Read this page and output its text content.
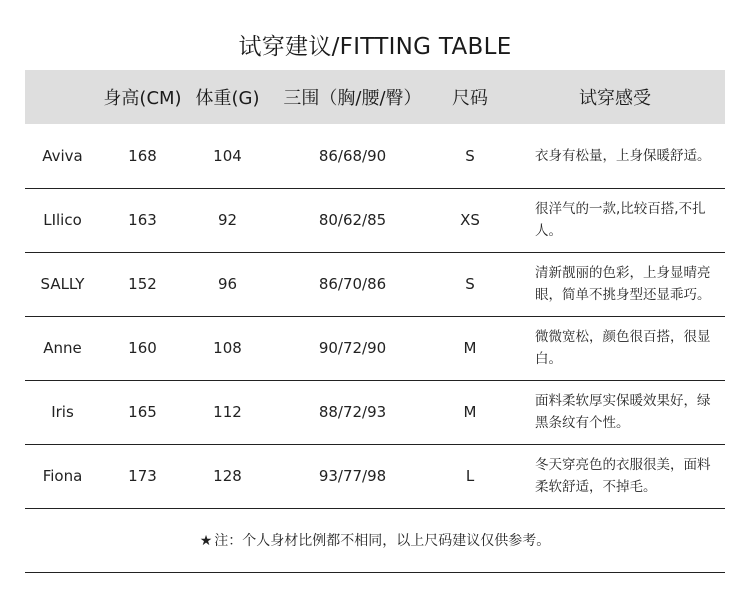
试穿建议/FITTING TABLE
	身高(CM)	体重(G)	三围（胸/腰/臀）	尺码	试穿感受
Aviva	168	104	86/68/90	S	衣身有松量，上身保暖舒适。
LIlico	163	92	80/62/85	XS	很洋气的一款,比较百搭,不扎人。
SALLY	152	96	86/70/86	S	清新靓丽的色彩，上身显晴亮眼，简单不挑身型还显乖巧。
Anne	160	108	90/72/90	M	微微宽松，颜色很百搭，很显白。
Iris	165	112	88/72/93	M	面料柔软厚实保暖效果好，绿黑条纹有个性。
Fiona	173	128	93/77/98	L	冬天穿亮色的衣服很美，面料柔软舒适，不掉毛。
★ 注：个人身材比例都不相同，以上尺码建议仅供参考。					
